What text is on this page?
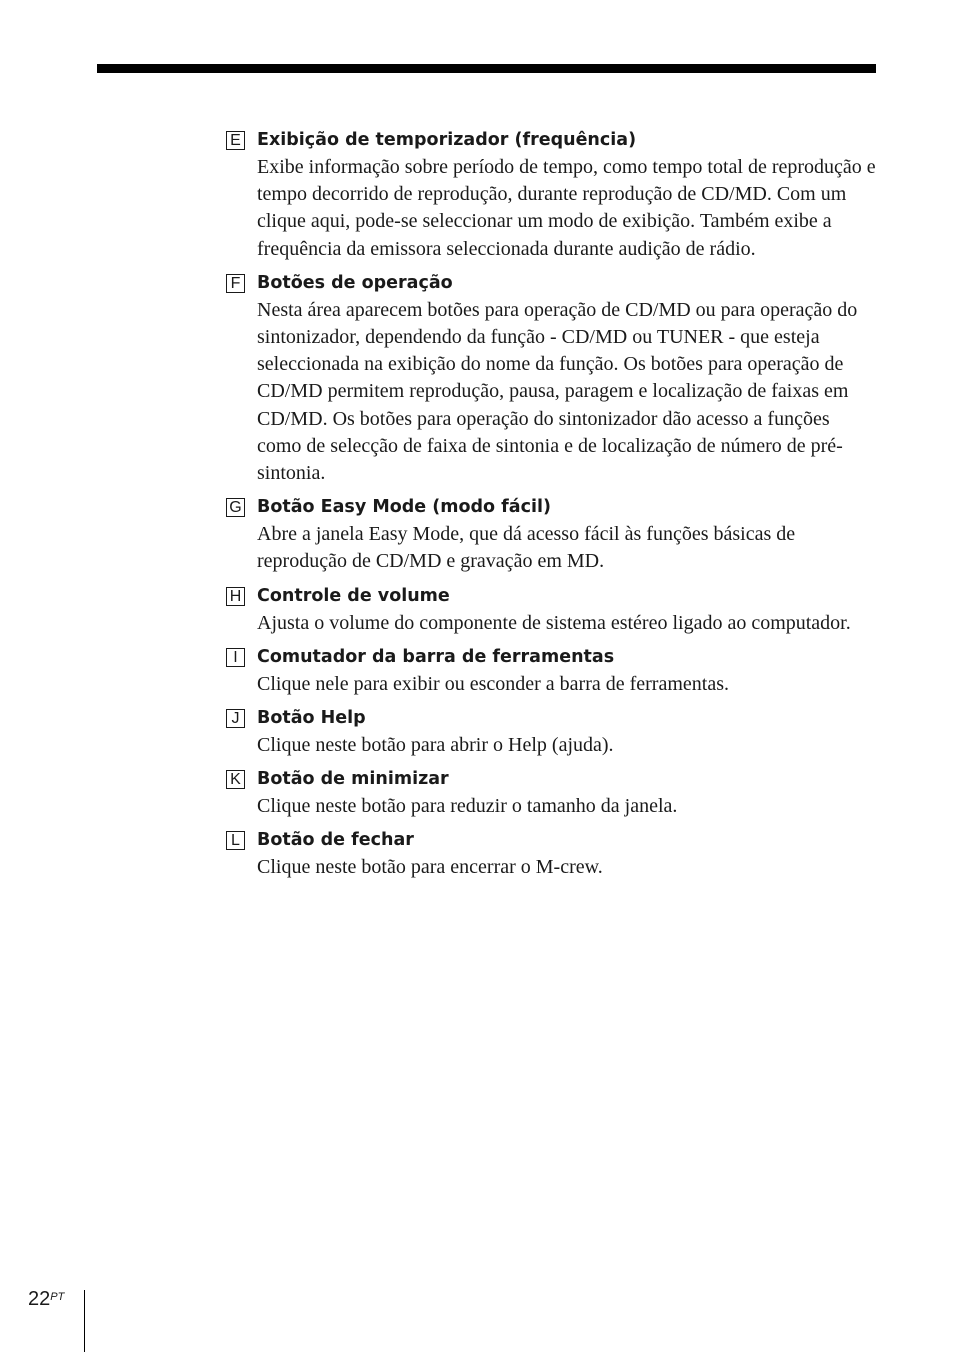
E Exibição de temporizador (frequência)

Exibe informação sobre período de tempo, como tempo total de reprodução e tempo decorrido de reprodução, durante reprodução de CD/MD. Com um clique aqui, pode-se seleccionar um modo de exibição. Também exibe a frequência da emissora seleccionada durante audição de rádio.

F Botões de operação

Nesta área aparecem botões para operação de CD/MD ou para operação do sintonizador, dependendo da função - CD/MD ou TUNER - que esteja seleccionada na exibição do nome da função. Os botões para operação de CD/MD permitem reprodução, pausa, paragem e localização de faixas em CD/MD. Os botões para operação do sintonizador dão acesso a funções como de selecção de faixa de sintonia e de localização de número de pré-sintonia.

G Botão Easy Mode (modo fácil)

Abre a janela Easy Mode, que dá acesso fácil às funções básicas de reprodução de CD/MD e gravação em MD.

H Controle de volume

Ajusta o volume do componente de sistema estéreo ligado ao computador.

I	Comutador da barra de ferramentas

Clique nele para exibir ou esconder a barra de ferramentas.

J	Botão Help

Clique neste botão para abrir o Help (ajuda).

K Botão de minimizar

Clique neste botão para reduzir o tamanho da janela.

L Botão de fechar

Clique neste botão para encerrar o M-crew.

$22^{PT}$
